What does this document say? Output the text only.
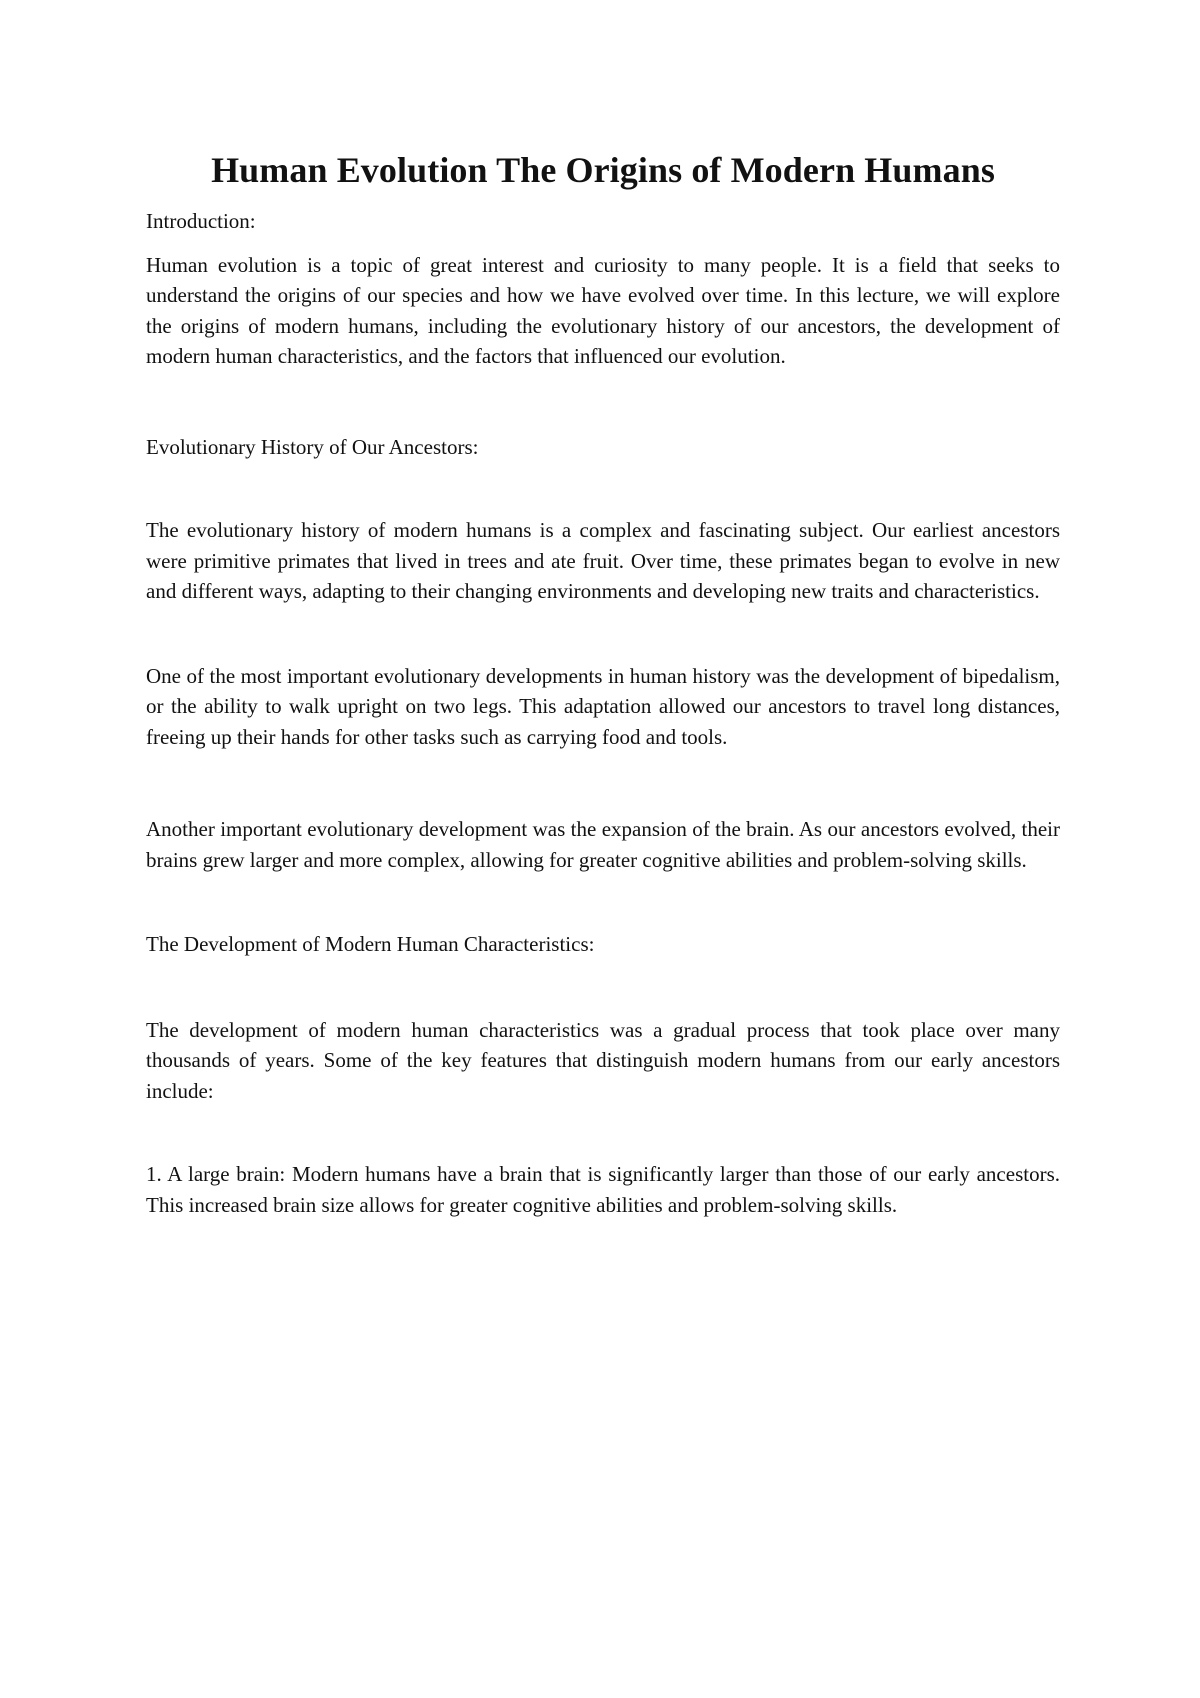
Human Evolution The Origins of Modern Humans

Introduction:

Human evolution is a topic of great interest and curiosity to many people. It is a field that seeks to understand the origins of our species and how we have evolved over time. In this lecture, we will explore the origins of modern humans, including the evolutionary history of our ancestors, the development of modern human characteristics, and the factors that influenced our evolution.

Evolutionary History of Our Ancestors:

The evolutionary history of modern humans is a complex and fascinating subject. Our earliest ancestors were primitive primates that lived in trees and ate fruit. Over time, these primates began to evolve in new and different ways, adapting to their changing environments and developing new traits and characteristics.

One of the most important evolutionary developments in human history was the development of bipedalism, or the ability to walk upright on two legs. This adaptation allowed our ancestors to travel long distances, freeing up their hands for other tasks such as carrying food and tools.

Another important evolutionary development was the expansion of the brain. As our ancestors evolved, their brains grew larger and more complex, allowing for greater cognitive abilities and problem-solving skills.

The Development of Modern Human Characteristics:

The development of modern human characteristics was a gradual process that took place over many thousands of years. Some of the key features that distinguish modern humans from our early ancestors include:

1. A large brain: Modern humans have a brain that is significantly larger than those of our early ancestors. This increased brain size allows for greater cognitive abilities and problem-solving skills.
